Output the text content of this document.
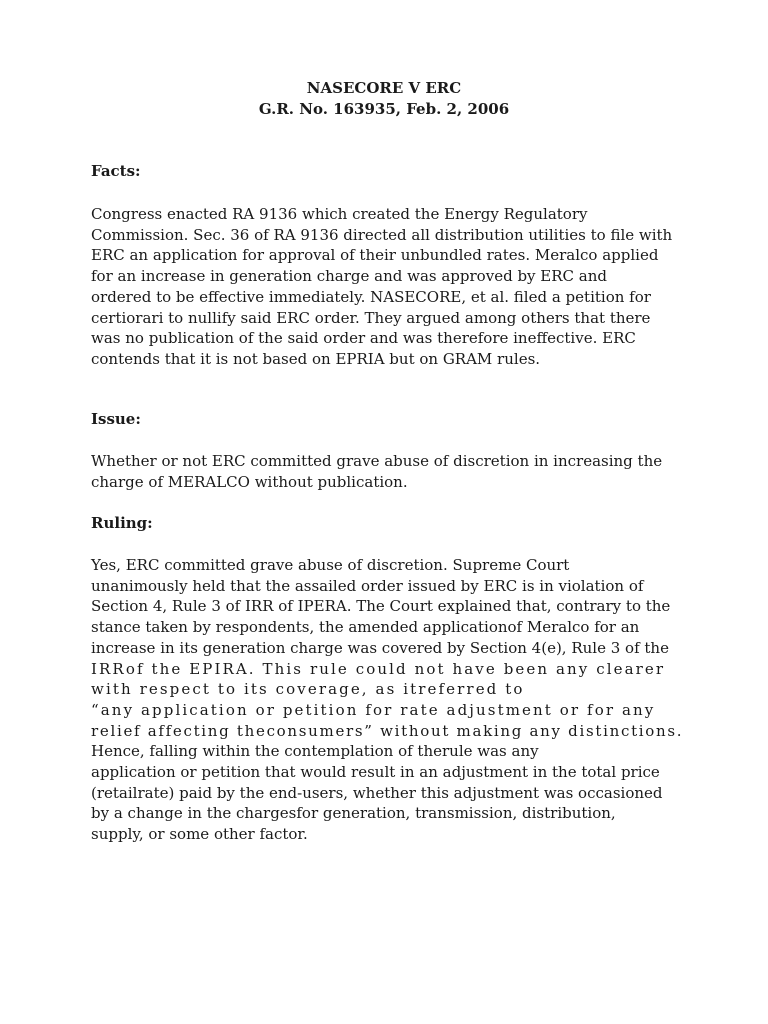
NASECORE V ERC
G.R. No. 163935, Feb. 2, 2006
Facts:
Congress enacted RA 9136 which created the Energy Regulatory
Commission. Sec. 36 of RA 9136 directed all distribution utilities to file with
ERC an application for approval of their unbundled rates. Meralco applied
for an increase in generation charge and was approved by ERC and
ordered to be effective immediately. NASECORE, et al. filed a petition for
certiorari to nullify said ERC order. They argued among others that there
was no publication of the said order and was therefore ineffective. ERC
contends that it is not based on EPRIA but on GRAM rules.
Issue:
Whether or not ERC committed grave abuse of discretion in increasing the
charge of MERALCO without publication.
Ruling:
Yes, ERC committed grave abuse of discretion. Supreme Court
unanimously held that the assailed order issued by ERC is in violation of
Section 4, Rule 3 of IRR of IPERA. The Court explained that, contrary to the
stance taken by respondents, the amended applicationof Meralco for an
increase in its generation charge was covered by Section 4(e), Rule 3 of the
IRRof the EPIRA. This rule could not have been any clearer
with respect to its coverage, as itreferred to
“any application or petition for rate adjustment or for any
relief affecting theconsumers” without making any distinctions.
Hence, falling within the contemplation of therule was any
application or petition that would result in an adjustment in the total price
(retailrate) paid by the end-users, whether this adjustment was occasioned
by a change in the chargesfor generation, transmission, distribution,
supply, or some other factor.
